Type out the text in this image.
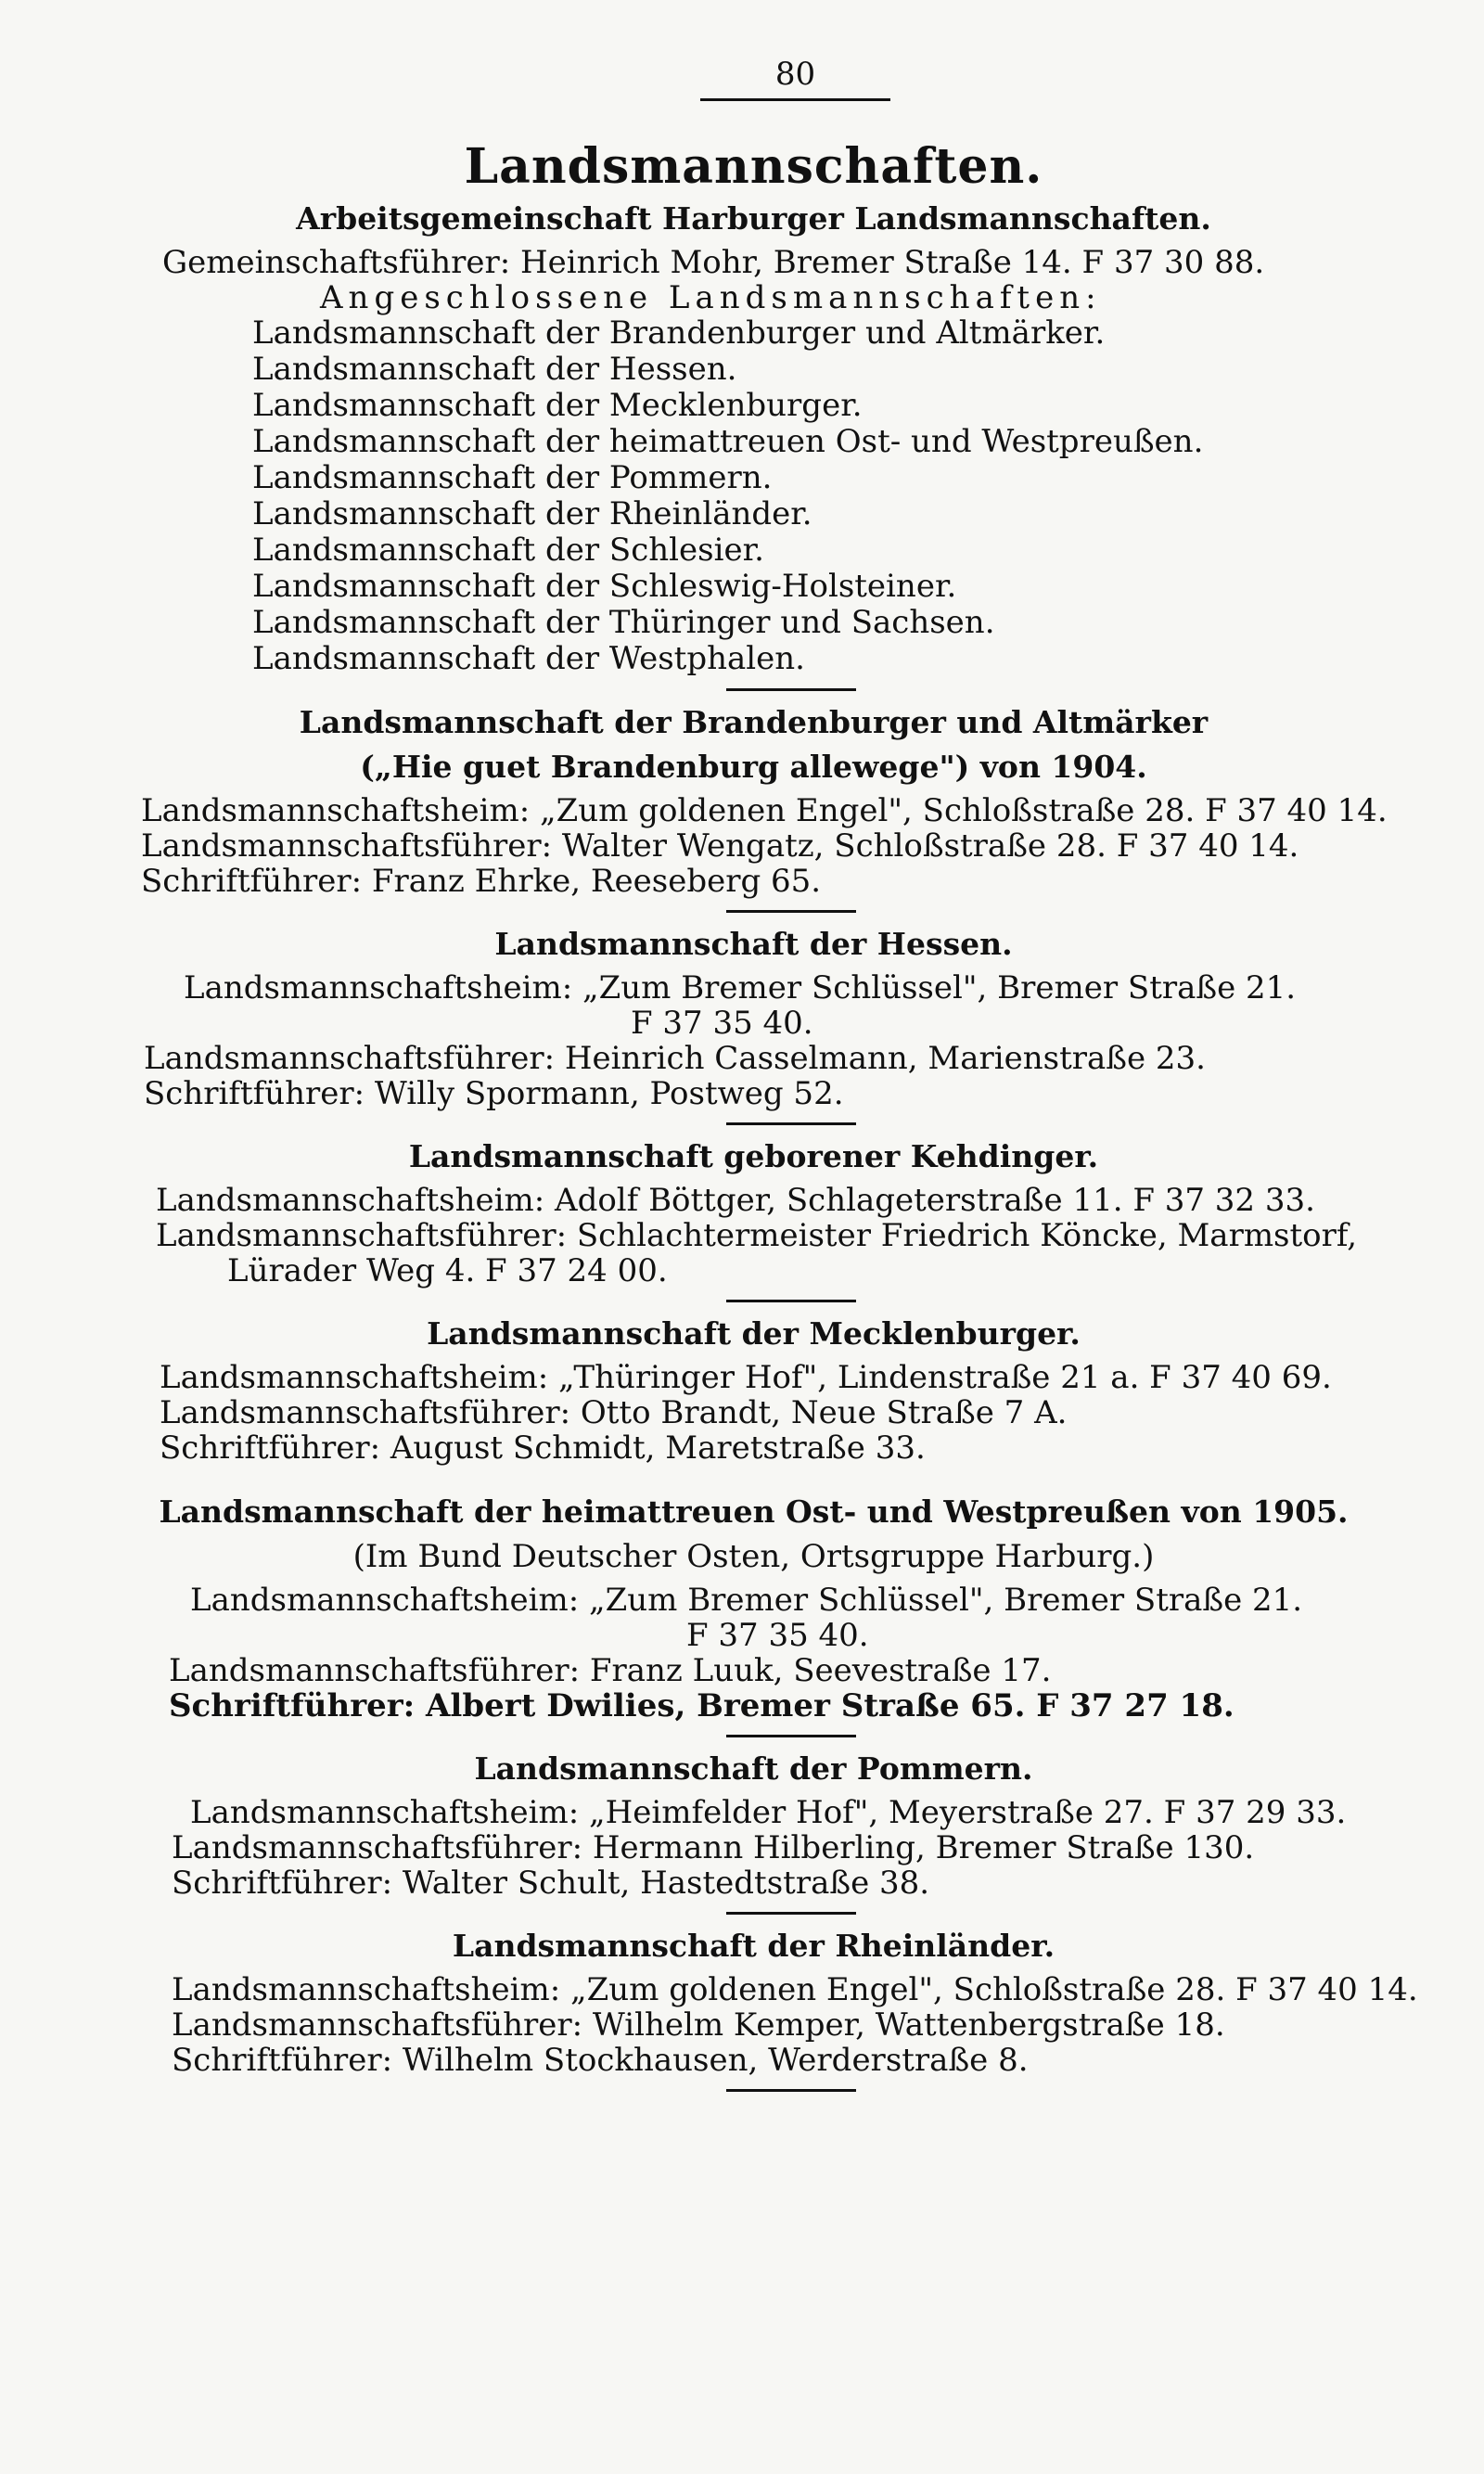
80
Landsmannschaften.
Arbeitsgemeinschaft Harburger Landsmannschaften.
Gemeinschaftsführer: Heinrich Mohr, Bremer Straße 14. F 37 30 88.
Angeschlossene Landsmannschaften:
Landsmannschaft der Brandenburger und Altmärker.
Landsmannschaft der Hessen.
Landsmannschaft der Mecklenburger.
Landsmannschaft der heimattreuen Ost- und Westpreußen.
Landsmannschaft der Pommern.
Landsmannschaft der Rheinländer.
Landsmannschaft der Schlesier.
Landsmannschaft der Schleswig-Holsteiner.
Landsmannschaft der Thüringer und Sachsen.
Landsmannschaft der Westphalen.
Landsmannschaft der Brandenburger und Altmärker
(„Hie guet Brandenburg allewege") von 1904.
Landsmannschaftsheim: „Zum goldenen Engel", Schloßstraße 28. F 37 40 14.
Landsmannschaftsführer: Walter Wengatz, Schloßstraße 28. F 37 40 14.
Schriftführer: Franz Ehrke, Reeseberg 65.
Landsmannschaft der Hessen.
Landsmannschaftsheim: „Zum Bremer Schlüssel", Bremer Straße 21.
F 37 35 40.
Landsmannschaftsführer: Heinrich Casselmann, Marienstraße 23.
Schriftführer: Willy Spormann, Postweg 52.
Landsmannschaft geborener Kehdinger.
Landsmannschaftsheim: Adolf Böttger, Schlageterstraße 11. F 37 32 33.
Landsmannschaftsführer: Schlachtermeister Friedrich Köncke, Marmstorf,
Lürader Weg 4. F 37 24 00.
Landsmannschaft der Mecklenburger.
Landsmannschaftsheim: „Thüringer Hof", Lindenstraße 21 a. F 37 40 69.
Landsmannschaftsführer: Otto Brandt, Neue Straße 7 A.
Schriftführer: August Schmidt, Maretstraße 33.
Landsmannschaft der heimattreuen Ost- und Westpreußen von 1905.
(Im Bund Deutscher Osten, Ortsgruppe Harburg.)
Landsmannschaftsheim: „Zum Bremer Schlüssel", Bremer Straße 21.
F 37 35 40.
Landsmannschaftsführer: Franz Luuk, Seevestraße 17.
Schriftführer: Albert Dwilies, Bremer Straße 65. F 37 27 18.
Landsmannschaft der Pommern.
Landsmannschaftsheim: „Heimfelder Hof", Meyerstraße 27. F 37 29 33.
Landsmannschaftsführer: Hermann Hilberling, Bremer Straße 130.
Schriftführer: Walter Schult, Hastedtstraße 38.
Landsmannschaft der Rheinländer.
Landsmannschaftsheim: „Zum goldenen Engel", Schloßstraße 28. F 37 40 14.
Landsmannschaftsführer: Wilhelm Kemper, Wattenbergstraße 18.
Schriftführer: Wilhelm Stockhausen, Werderstraße 8.
